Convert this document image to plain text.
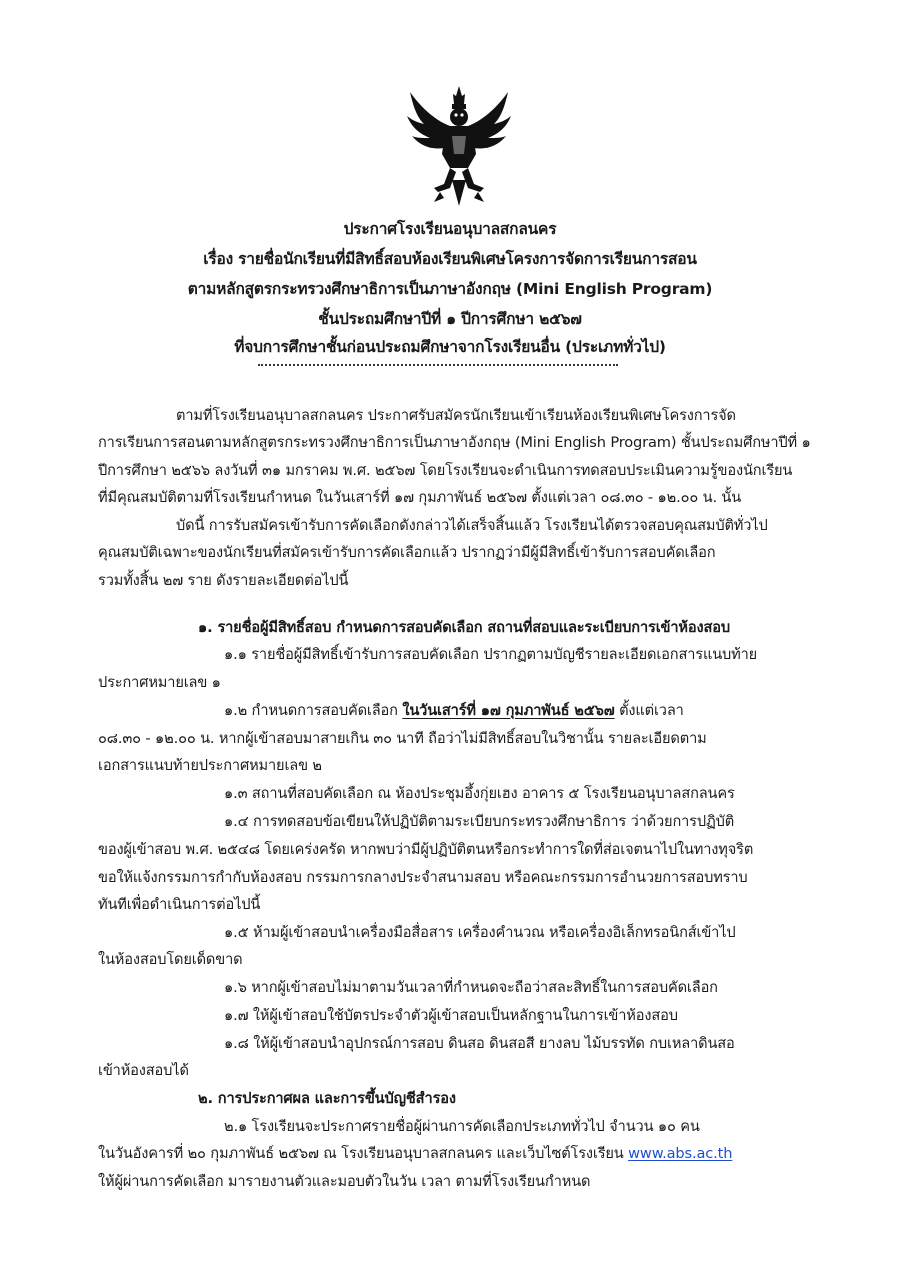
ประกาศโรงเรียนอนุบาลสกลนคร
เรื่อง รายชื่อนักเรียนที่มีสิทธิ์สอบห้องเรียนพิเศษโครงการจัดการเรียนการสอน
ตามหลักสูตรกระทรวงศึกษาธิการเป็นภาษาอังกฤษ (Mini English Program)
ชั้นประถมศึกษาปีที่ ๑ ปีการศึกษา ๒๕๖๗
ที่จบการศึกษาชั้นก่อนประถมศึกษาจากโรงเรียนอื่น (ประเภททั่วไป)
ตามที่โรงเรียนอนุบาลสกลนคร ประกาศรับสมัครนักเรียนเข้าเรียนห้องเรียนพิเศษโครงการจัด
การเรียนการสอนตามหลักสูตรกระทรวงศึกษาธิการเป็นภาษาอังกฤษ (Mini English Program) ชั้นประถมศึกษาปีที่ ๑
ปีการศึกษา ๒๕๖๖ ลงวันที่ ๓๑ มกราคม พ.ศ. ๒๕๖๗ โดยโรงเรียนจะดำเนินการทดสอบประเมินความรู้ของนักเรียน
ที่มีคุณสมบัติตามที่โรงเรียนกำหนด ในวันเสาร์ที่ ๑๗ กุมภาพันธ์ ๒๕๖๗ ตั้งแต่เวลา ๐๘.๓๐ - ๑๒.๐๐ น. นั้น
บัดนี้ การรับสมัครเข้ารับการคัดเลือกดังกล่าวได้เสร็จสิ้นแล้ว โรงเรียนได้ตรวจสอบคุณสมบัติทั่วไป
คุณสมบัติเฉพาะของนักเรียนที่สมัครเข้ารับการคัดเลือกแล้ว ปรากฏว่ามีผู้มีสิทธิ์เข้ารับการสอบคัดเลือก
รวมทั้งสิ้น ๒๗ ราย ดังรายละเอียดต่อไปนี้
๑. รายชื่อผู้มีสิทธิ์สอบ กำหนดการสอบคัดเลือก สถานที่สอบและระเบียบการเข้าห้องสอบ
๑.๑ รายชื่อผู้มีสิทธิ์เข้ารับการสอบคัดเลือก ปรากฏตามบัญชีรายละเอียดเอกสารแนบท้าย
ประกาศหมายเลข ๑
๑.๒ กำหนดการสอบคัดเลือก ในวันเสาร์ที่ ๑๗ กุมภาพันธ์ ๒๕๖๗ ตั้งแต่เวลา
๐๘.๓๐ - ๑๒.๐๐ น. หากผู้เข้าสอบมาสายเกิน ๓๐ นาที ถือว่าไม่มีสิทธิ์สอบในวิชานั้น รายละเอียดตาม
เอกสารแนบท้ายประกาศหมายเลข ๒
๑.๓ สถานที่สอบคัดเลือก ณ ห้องประชุมอึ้งกุ่ยเฮง อาคาร ๕ โรงเรียนอนุบาลสกลนคร
๑.๔ การทดสอบข้อเขียนให้ปฏิบัติตามระเบียบกระทรวงศึกษาธิการ ว่าด้วยการปฏิบัติ
ของผู้เข้าสอบ พ.ศ. ๒๕๔๘ โดยเคร่งครัด หากพบว่ามีผู้ปฏิบัติตนหรือกระทำการใดที่ส่อเจตนาไปในทางทุจริต
ขอให้แจ้งกรรมการกำกับห้องสอบ กรรมการกลางประจำสนามสอบ หรือคณะกรรมการอำนวยการสอบทราบ
ทันทีเพื่อดำเนินการต่อไปนี้
๑.๕ ห้ามผู้เข้าสอบนำเครื่องมือสื่อสาร เครื่องคำนวณ หรือเครื่องอิเล็กทรอนิกส์เข้าไป
ในห้องสอบโดยเด็ดขาด
๑.๖ หากผู้เข้าสอบไม่มาตามวันเวลาที่กำหนดจะถือว่าสละสิทธิ์ในการสอบคัดเลือก
๑.๗ ให้ผู้เข้าสอบใช้บัตรประจำตัวผู้เข้าสอบเป็นหลักฐานในการเข้าห้องสอบ
๑.๘ ให้ผู้เข้าสอบนำอุปกรณ์การสอบ ดินสอ ดินสอสี ยางลบ ไม้บรรทัด กบเหลาดินสอ
เข้าห้องสอบได้
๒. การประกาศผล และการขึ้นบัญชีสำรอง
๒.๑ โรงเรียนจะประกาศรายชื่อผู้ผ่านการคัดเลือกประเภททั่วไป จำนวน ๑๐ คน
ในวันอังคารที่ ๒๐ กุมภาพันธ์ ๒๕๖๗ ณ โรงเรียนอนุบาลสกลนคร และเว็บไซต์โรงเรียน www.abs.ac.th
ให้ผู้ผ่านการคัดเลือก มารายงานตัวและมอบตัวในวัน เวลา ตามที่โรงเรียนกำหนด
